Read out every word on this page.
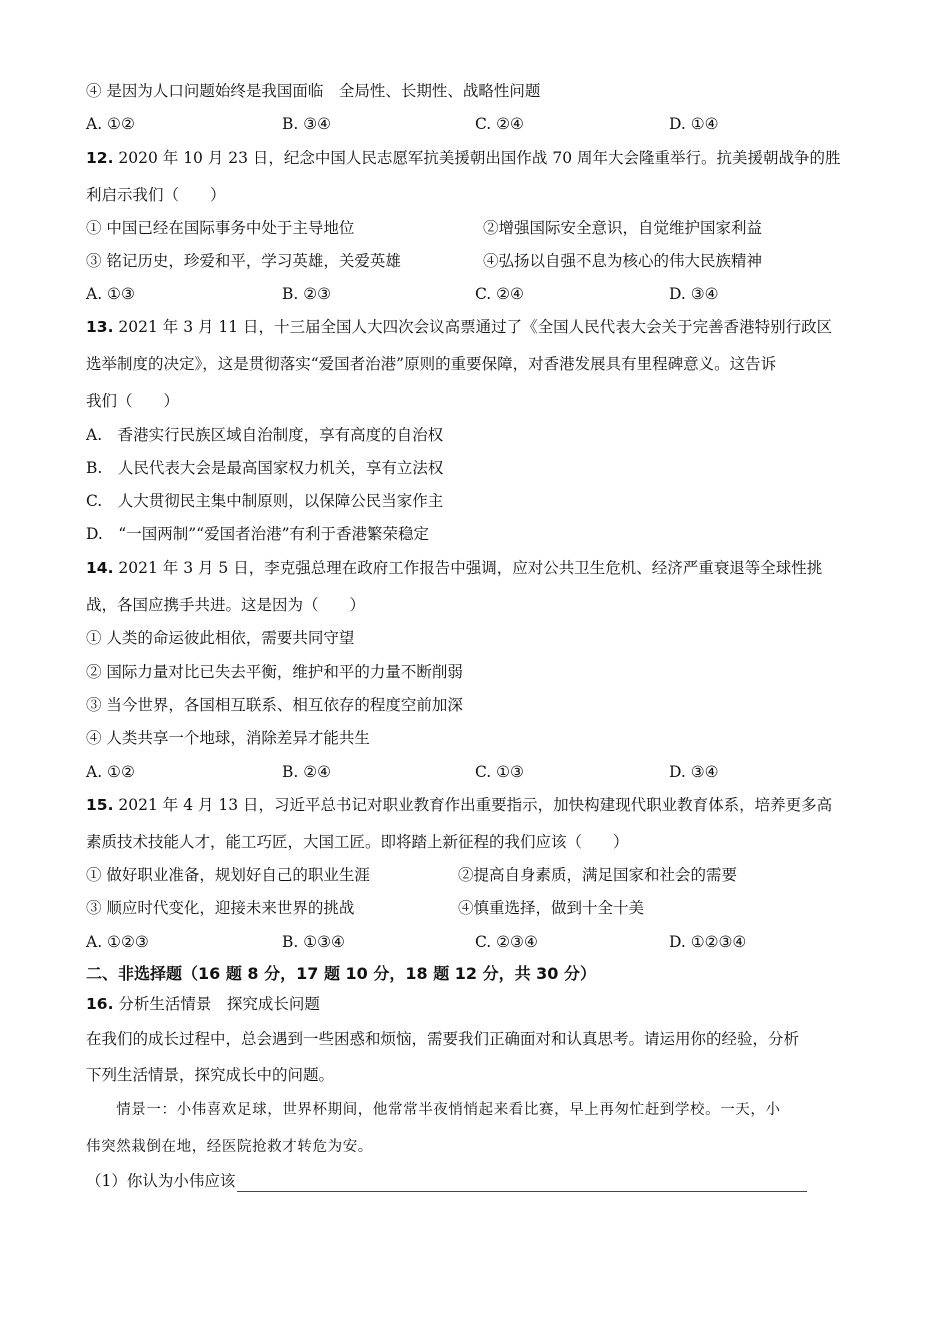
④ 是因为人口问题始终是我国面临　全局性、长期性、战略性问题
A. ①②	B. ③④	C. ②④	D. ①④
12. 2020 年 10 月 23 日，纪念中国人民志愿军抗美援朝出国作战 70 周年大会隆重举行。抗美援朝战争的胜
利启示我们（　　）
① 中国已经在国际事务中处于主导地位	②增强国际安全意识，自觉维护国家利益
③ 铭记历史，珍爱和平，学习英雄，关爱英雄	④弘扬以自强不息为核心的伟大民族精神
A. ①③	B. ②③	C. ②④	D. ③④
13. 2021 年 3 月 11 日，十三届全国人大四次会议高票通过了《全国人民代表大会关于完善香港特别行政区
选举制度的决定》，这是贯彻落实“爱国者治港”原则的重要保障，对香港发展具有里程碑意义。这告诉
我们（　　）
A.　香港实行民族区域自治制度，享有高度的自治权
B.　人民代表大会是最高国家权力机关，享有立法权
C.　人大贯彻民主集中制原则，以保障公民当家作主
D.　“一国两制”“爱国者治港”有利于香港繁荣稳定
14. 2021 年 3 月 5 日，李克强总理在政府工作报告中强调，应对公共卫生危机、经济严重衰退等全球性挑
战，各国应携手共进。这是因为（　　）
① 人类的命运彼此相依，需要共同守望
② 国际力量对比已失去平衡，维护和平的力量不断削弱
③ 当今世界，各国相互联系、相互依存的程度空前加深
④ 人类共享一个地球，消除差异才能共生
A. ①②	B. ②④	C. ①③	D. ③④
15. 2021 年 4 月 13 日，习近平总书记对职业教育作出重要指示，加快构建现代职业教育体系，培养更多高
素质技术技能人才，能工巧匠，大国工匠。即将踏上新征程的我们应该（　　）
① 做好职业准备，规划好自己的职业生涯	②提高自身素质，满足国家和社会的需要
③ 顺应时代变化，迎接未来世界的挑战	④慎重选择，做到十全十美
A. ①②③	B. ①③④	C. ②③④	D. ①②③④
二、非选择题（16 题 8 分，17 题 10 分，18 题 12 分，共 30 分）
16. 分析生活情景　探究成长问题
在我们的成长过程中，总会遇到一些困惑和烦恼，需要我们正确面对和认真思考。请运用你的经验，分析
下列生活情景，探究成长中的问题。
　　情景一：小伟喜欢足球，世界杯期间，他常常半夜悄悄起来看比赛，早上再匆忙赶到学校。一天，小
伟突然栽倒在地，经医院抢救才转危为安。
（1）你认为小伟应该
